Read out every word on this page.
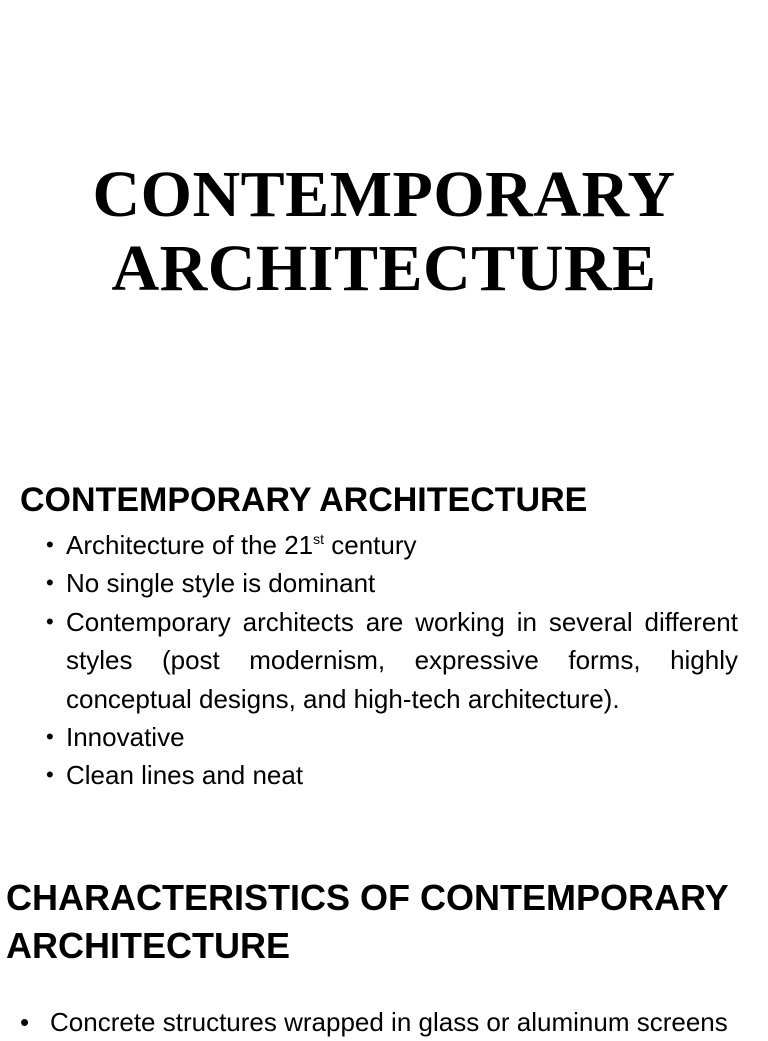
CONTEMPORARY
ARCHITECTURE
CONTEMPORARY ARCHITECTURE
• Architecture of the 21st century
• No single style is dominant
• Contemporary architects are working in several different styles (post modernism, expressive forms, highly conceptual designs, and high-tech architecture).
• Innovative
• Clean lines and neat
CHARACTERISTICS OF CONTEMPORARY
ARCHITECTURE
• Concrete structures wrapped in glass or aluminum screens
